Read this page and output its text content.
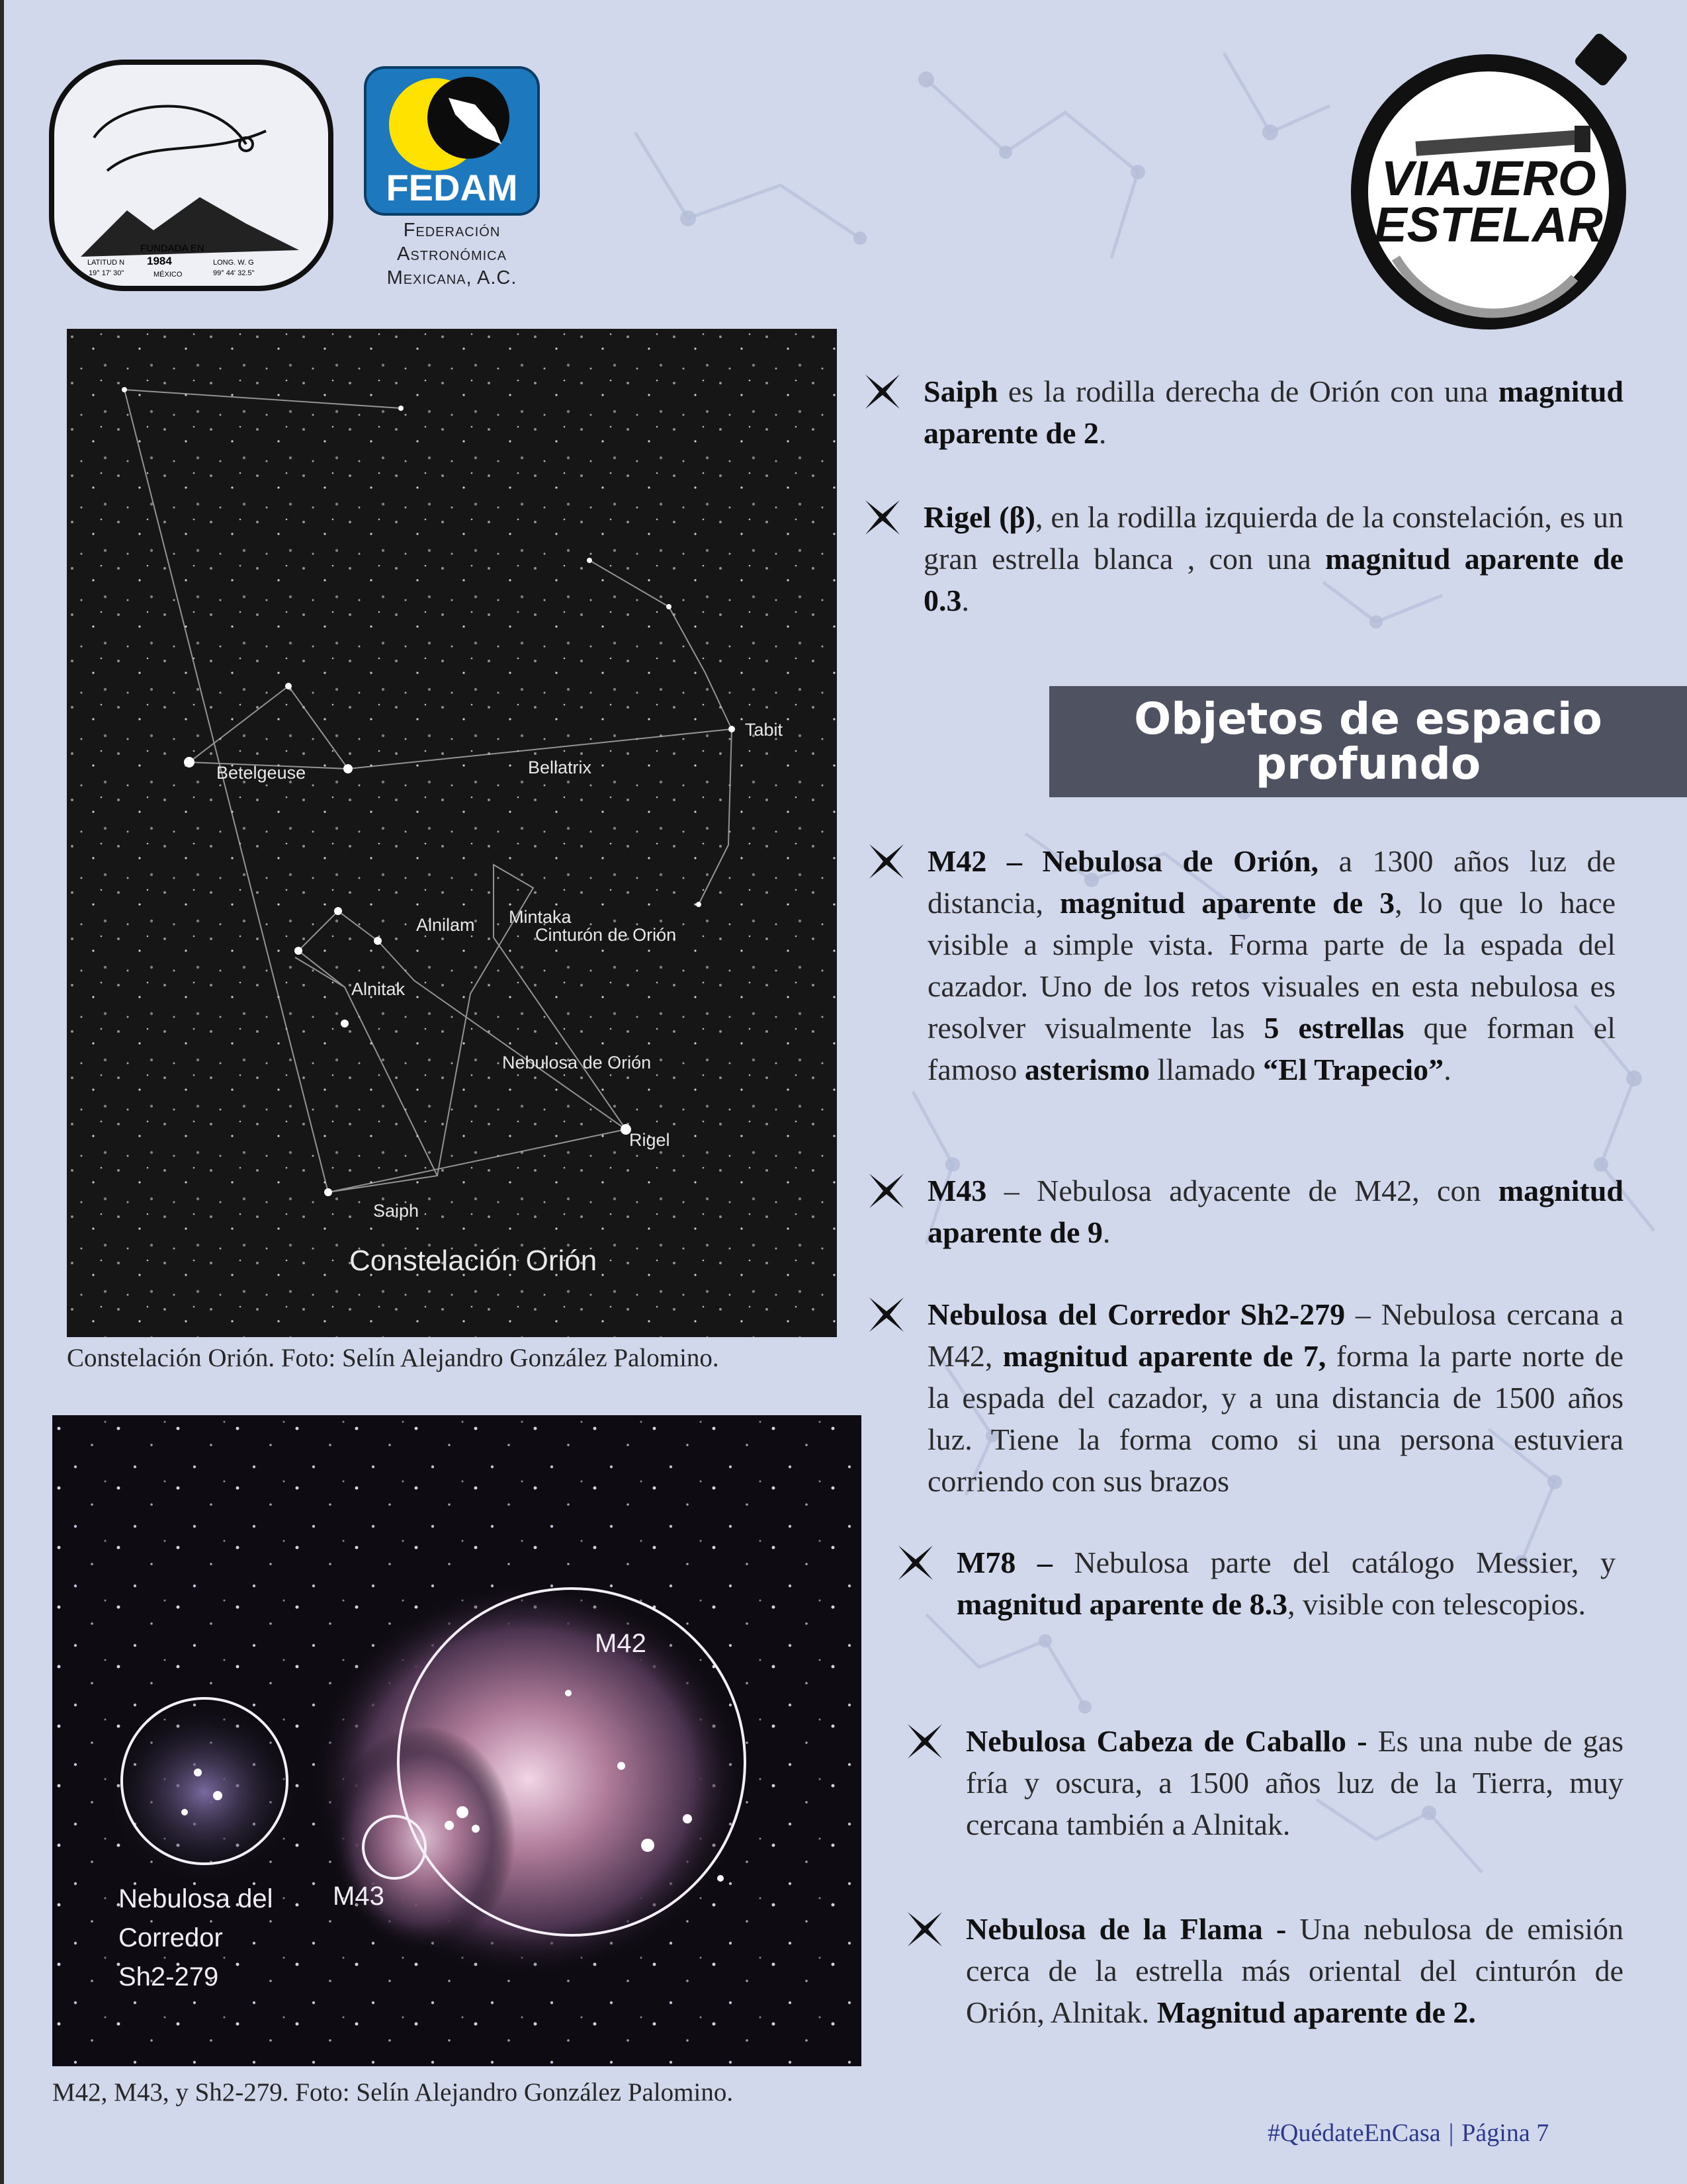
FUNDADA EN
1984
MÉXICO
LATITUD N
19° 17' 30"
LONG. W. G
99° 44' 32.5"
FEDAM
Federación
Astronómica
Mexicana, A.C.
VIAJERO
ESTELAR
Tabit
Betelgeuse	Bellatrix
Alnilam Mintaka
Cinturón de Orión
Alnitak
Nebulosa de Orión
Rigel
Saiph
Constelación Orión
Constelación Orión. Foto: Selín Alejandro González Palomino.
M42
M43
Nebulosa del
Corredor
Sh2-279
M42, M43, y Sh2-279. Foto: Selín Alejandro González Palomino.

Saiph es la rodilla derecha de Orión con una magnitud aparente de 2.

Rigel (β), en la rodilla izquierda de la constelación, es un gran estrella blanca , con una magnitud aparente de 0.3.

Objetos de espacio
profundo

M42 – Nebulosa de Orión, a 1300 años luz de distancia, magnitud aparente de 3, lo que lo hace visible a simple vista. Forma parte de la espada del cazador. Uno de los retos visuales en esta nebulosa es resolver visualmente las 5 estrellas que forman el famoso asterismo llamado “El Trapecio”.

M43 – Nebulosa adyacente de M42, con magnitud aparente de 9.

Nebulosa del Corredor Sh2-279 – Nebulosa cercana a M42, magnitud aparente de 7, forma la parte norte de la espada del cazador, y a una distancia de 1500 años luz. Tiene la forma como si una persona estuviera corriendo con sus brazos

M78 – Nebulosa parte del catálogo Messier, y magnitud aparente de 8.3, visible con telescopios.

Nebulosa Cabeza de Caballo - Es una nube de gas fría y oscura, a 1500 años luz de la Tierra, muy cercana también a Alnitak.

Nebulosa de la Flama - Una nebulosa de emisión cerca de la estrella más oriental del cinturón de Orión, Alnitak. Magnitud aparente de 2.

#QuédateEnCasa | Página 7
